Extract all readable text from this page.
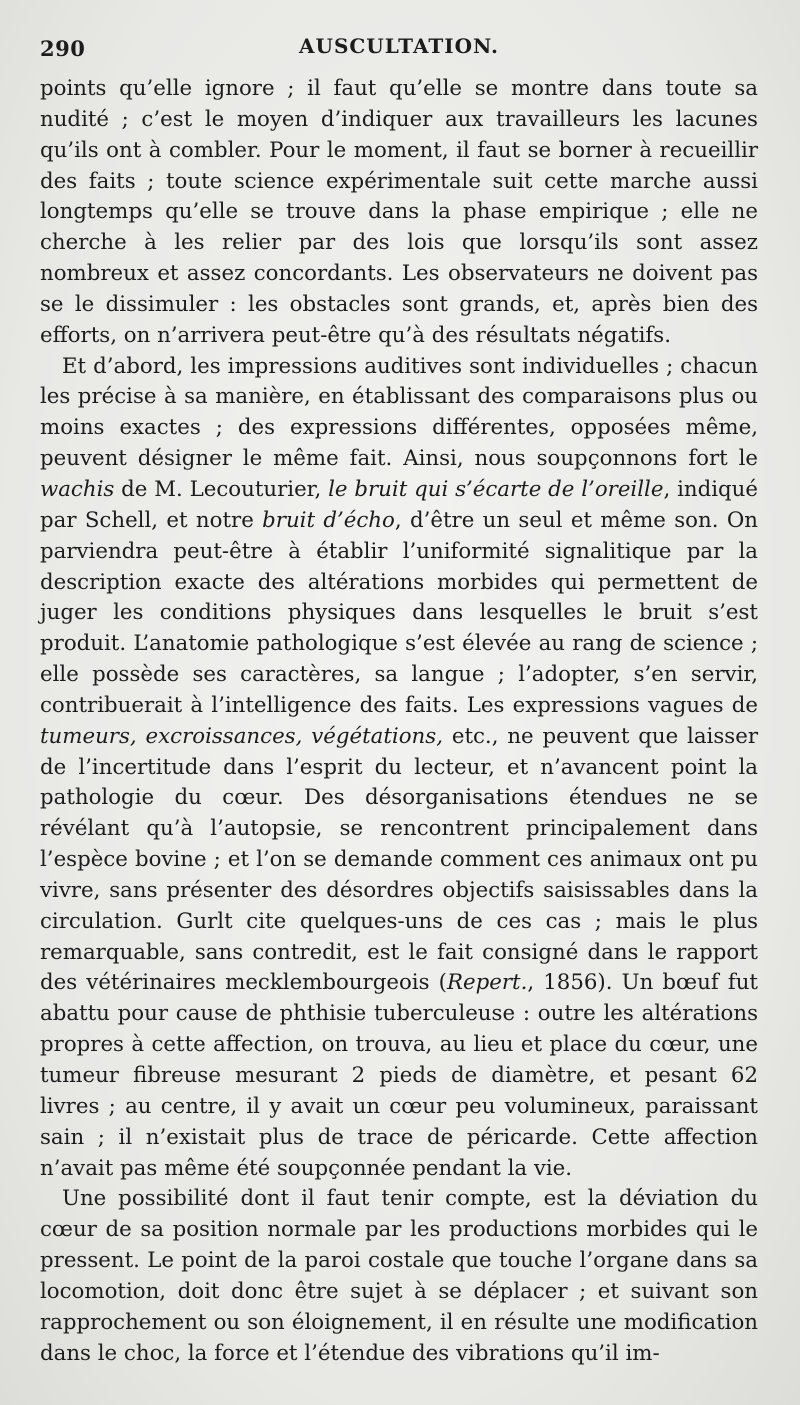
290	AUSCULTATION.

points qu’elle ignore ; il faut qu’elle se montre dans toute sa nudité ; c’est le moyen d’indiquer aux travailleurs les lacunes qu’ils ont à combler. Pour le moment, il faut se borner à recueillir des faits ; toute science expérimentale suit cette marche aussi longtemps qu’elle se trouve dans la phase empirique ; elle ne cherche à les relier par des lois que lorsqu’ils sont assez nombreux et assez concordants. Les observateurs ne doivent pas se le dissimuler : les obstacles sont grands, et, après bien des efforts, on n’arrivera peut-être qu’à des résultats négatifs.

Et d’abord, les impressions auditives sont individuelles ; chacun les précise à sa manière, en établissant des comparaisons plus ou moins exactes ; des expressions différentes, opposées même, peuvent désigner le même fait. Ainsi, nous soupçonnons fort le wachis de M. Lecouturier, le bruit qui s’écarte de l’oreille, indiqué par Schell, et notre bruit d’écho, d’être un seul et même son. On parviendra peut-être à établir l’uniformité signalitique par la description exacte des altérations morbides qui permettent de juger les conditions physiques dans lesquelles le bruit s’est produit. L’anatomie pathologique s’est élevée au rang de science ; elle possède ses caractères, sa langue ; l’adopter, s’en servir, contribuerait à l’intelligence des faits. Les expressions vagues de tumeurs, excroissances, végétations, etc., ne peuvent que laisser de l’incertitude dans l’esprit du lecteur, et n’avancent point la pathologie du cœur. Des désorganisations étendues ne se révélant qu’à l’autopsie, se rencontrent principalement dans l’espèce bovine ; et l’on se demande comment ces animaux ont pu vivre, sans présenter des désordres objectifs saisissables dans la circulation. Gurlt cite quelques-uns de ces cas ; mais le plus remarquable, sans contredit, est le fait consigné dans le rapport des vétérinaires mecklembourgeois (Repert., 1856). Un bœuf fut abattu pour cause de phthisie tuberculeuse : outre les altérations propres à cette affection, on trouva, au lieu et place du cœur, une tumeur fibreuse mesurant 2 pieds de diamètre, et pesant 62 livres ; au centre, il y avait un cœur peu volumineux, paraissant sain ; il n’existait plus de trace de péricarde. Cette affection n’avait pas même été soupçonnée pendant la vie.

Une possibilité dont il faut tenir compte, est la déviation du cœur de sa position normale par les productions morbides qui le pressent. Le point de la paroi costale que touche l’organe dans sa locomotion, doit donc être sujet à se déplacer ; et suivant son rapprochement ou son éloignement, il en résulte une modification dans le choc, la force et l’étendue des vibrations qu’il im-
